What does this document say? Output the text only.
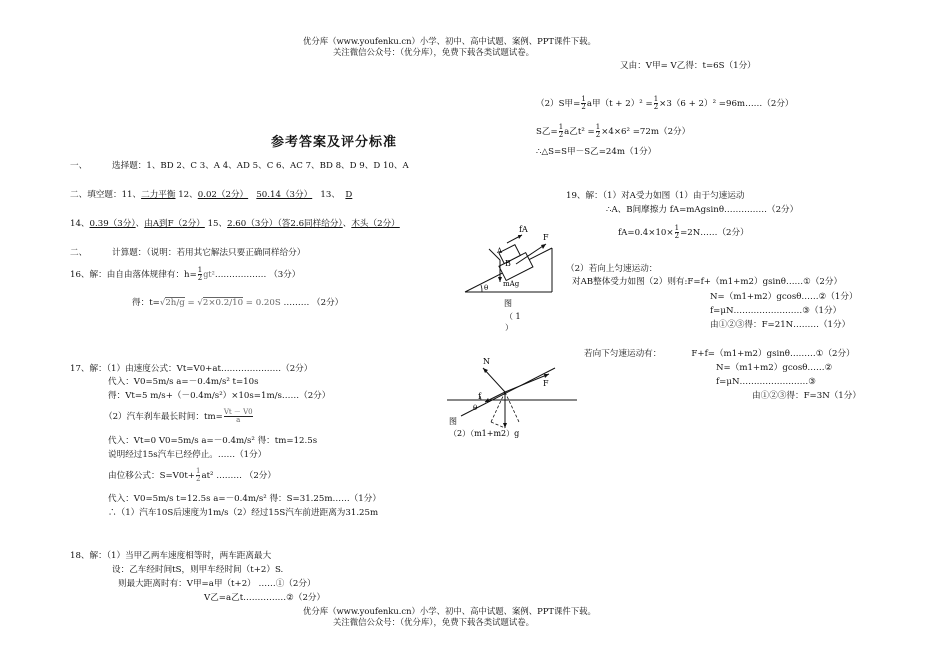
优分库（www.youfenku.cn）小学、初中、高中试题、案例、PPT课件下载。
关注微信公众号：（优分库），免费下载各类试题试卷。
又由：V甲= V乙得：t=6S（1分）
（2）S甲= $\frac{1}{2}$ a甲$(t + 2)^2 = \frac{1}{2} \times 3(6 + 2)^2$ =96m……（2分）
S乙= $\frac{1}{2}$ a乙$t^2 = \frac{1}{2} \times 4\times 6^2 =72m(2$分）
∴△S=S甲－S乙=24m（1分）
参考答案及评分标准
一、	选择题：1、BD 2、C 3、A 4、AD 5、C 6、AC 7、BD 8、D 9、D 10、A
二、填空题：11、二力平衡 12、0.02（2分） 50.14（3分） 13、 D
14、0.39（3分）、由A到F（2分） 15、2.60（3分）（答2.6同样给分）、木头（2分）
二、	计算题：（说明：若用其它解法只要正确同样给分）
16、解：由自由落体规律有：$h= \frac{1}{2}$ gt²……………… （3分）
得：t=√2h/g = √2×0.2/10 = 0.20S ……… （2分）
17、解：（1）由速度公式：Vt=V0+at…………………（2分）
代入：V0=5m/s a=－0.4m/s² t=10s
得：Vt=5 m/s+（－0.4m/s²）×10s=1m/s……（2分）
（2）汽车刹车最长时间：$tm= \frac{Vt - V0}{a}$
代入：Vt=0 V0=5m/s a=－0.4m/s² 得：tm=12.5s
说明经过15s汽车已经停止。……（1分）
由位移公式：$S=V0t+ \frac{1}{2} at^2$ ……… （2分）
代入：V0=5m/s t=12.5s a=－0.4m/s² 得：S=31.25m……（1分）
∴（1）汽车10S后速度为1m/s（2）经过15S汽车前进距离为31.25m
18、解：（1）当甲乙两车速度相等时，两车距离最大
设：乙车经时间tS，则甲车经时间（t+2）S.
则最大距离时有：V甲=a甲（t+2） ……①（2分）
V乙=a乙t……………②（2分）
19、解：（1）对A受力如图（1）由于匀速运动
∴A、B间摩擦力 fA=mAgsinθ……………（2分）
$fA=0.4\times 10\times \frac{1}{2}$ =2N……（2分）
（2）若向上匀速运动：
对AB整体受力如图（2）则有:F=f+（m1+m2）gsinθ……①（2分）
N=（m1+m2）gcosθ……②（1分）
f=μN……………………③（1分）
由①②③得：F=21N………（1分）
若向下匀速运动有：	F+f=（m1+m2）gsinθ………①（2分）
N=（m1+m2）gcosθ……②
f=μN……………………③
由①②③得：F=3N（1分）
fA
F
A
B
mAg
θ
图
（ 1
）
N
f
F
θ
图
（2）（m1+m2）g
优分库（www.youfenku.cn）小学、初中、高中试题、案例、PPT课件下载。
关注微信公众号：（优分库），免费下载各类试题试卷。
